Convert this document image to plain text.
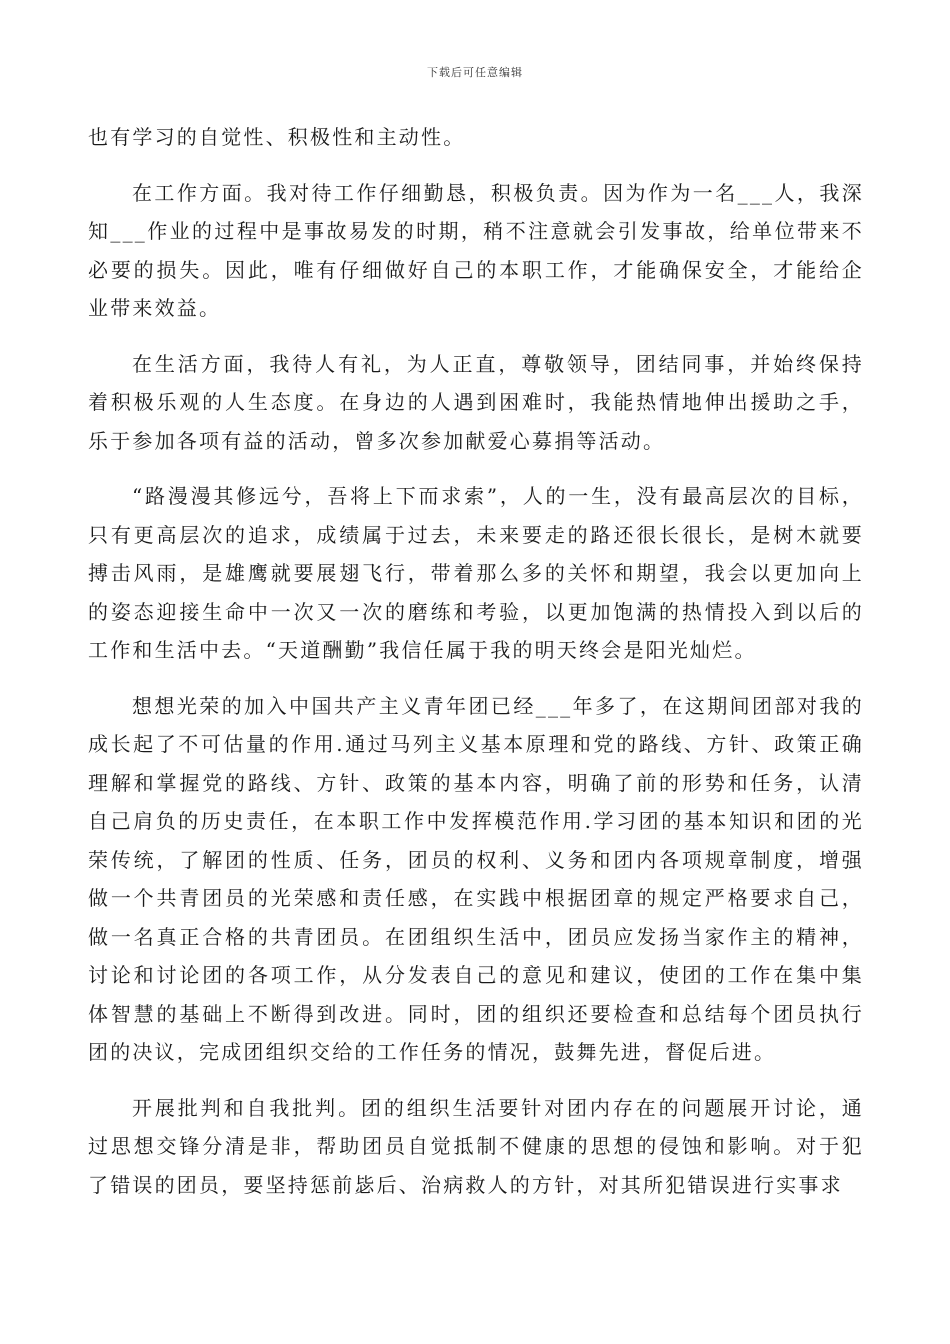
下载后可任意编辑

也有学习的自觉性、积极性和主动性。

在工作方面。我对待工作仔细勤恳，积极负责。因为作为一名___人，我深知___作业的过程中是事故易发的时期，稍不注意就会引发事故，给单位带来不必要的损失。因此，唯有仔细做好自己的本职工作，才能确保安全，才能给企业带来效益。

在生活方面，我待人有礼，为人正直，尊敬领导，团结同事，并始终保持着积极乐观的人生态度。在身边的人遇到困难时，我能热情地伸出援助之手，乐于参加各项有益的活动，曾多次参加献爱心募捐等活动。

“路漫漫其修远兮，吾将上下而求索”，人的一生，没有最高层次的目标，只有更高层次的追求，成绩属于过去，未来要走的路还很长很长，是树木就要搏击风雨，是雄鹰就要展翅飞行，带着那么多的关怀和期望，我会以更加向上的姿态迎接生命中一次又一次的磨练和考验，以更加饱满的热情投入到以后的工作和生活中去。“天道酬勤”我信任属于我的明天终会是阳光灿烂。

想想光荣的加入中国共产主义青年团已经___年多了，在这期间团部对我的成长起了不可估量的作用.通过马列主义基本原理和党的路线、方针、政策正确理解和掌握党的路线、方针、政策的基本内容，明确了前的形势和任务，认清自己肩负的历史责任，在本职工作中发挥模范作用.学习团的基本知识和团的光荣传统，了解团的性质、任务，团员的权利、义务和团内各项规章制度，增强做一个共青团员的光荣感和责任感，在实践中根据团章的规定严格要求自己，做一名真正合格的共青团员。在团组织生活中，团员应发扬当家作主的精神，讨论和讨论团的各项工作，从分发表自己的意见和建议，使团的工作在集中集体智慧的基础上不断得到改进。同时，团的组织还要检查和总结每个团员执行团的决议，完成团组织交给的工作任务的情况，鼓舞先进，督促后进。

开展批判和自我批判。团的组织生活要针对团内存在的问题展开讨论，通过思想交锋分清是非，帮助团员自觉抵制不健康的思想的侵蚀和影响。对于犯了错误的团员，要坚持惩前毖后、治病救人的方针，对其所犯错误进行实事求
